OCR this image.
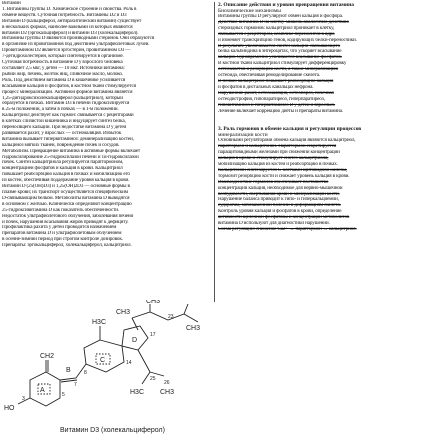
Витамин
1. Витамины группы D. Химическое строение и свойства. Роль в
обмене веществ. Суточная потребность. Витамины D2 и D3
Витамин D (кальциферол, антирахитический витамин) существует
в нескольких формах, наиболее важными из которых являются
витамин D2 (эргокальциферол) и витамин D3 (холекальциферол).
Витамины группы D являются производными стеринов. Они образуются
в организме из провитаминов под действием ультрафиолетовых лучей.
Провитамином D2 является эргостерин, провитамином D3 —
7-дегидрохолестерин, который синтезируется в организме.
Суточная потребность в витамине D у взрослого человека
составляет 2,5 мкг, у детей — 10 мкг. Источники витамина:
рыбий жир, печень, желток яиц, сливочное масло, молоко.
Роль. Под действием витамина D в кишечнике усиливается
всасывание кальция и фосфатов, в костной ткани стимулируется
процесс минерализации. Активной формой витамина является
1,25-дигидроксихолекальциферол (кальцитриол), который
образуется в почках. Витамин D3 в печени гидроксилируется
в 25-м положении, а затем в почках — в 1-м положении.
Кальцитриол действует как гормон: связывается с рецепторами
в клетках слизистой кишечника и индуцирует синтез белка,
переносящего кальций. При недостатке витамина D у детей
развивается рахит, у взрослых — остеомаляция. Избыток
витамина вызывает гипервитаминоз: деминерализацию костей,
кальциноз мягких тканей, повреждение почек и сосудов.
Метаболизм. Превращение витамина в активные формы включает
гидроксилирование 25-гидроксилазой печени и 1α-гидроксилазой
почек. Синтез кальцитриола регулируется паратгормоном,
концентрацией фосфатов и кальция в крови. Кальцитриол
повышает реабсорбцию кальция в почках и мобилизацию его
из костей, обеспечивая поддержание уровня кальция в крови.
Витамин D (25(OH)D3) и 1,25(OH)2D3 — основные формы в
плазме крови; их транспорт осуществляется специфическим
D-связывающим белком. Метаболиты витамина D выводятся
в основном с желчью. Клинически определяют концентрацию
25-гидроксивитамина D как показатель обеспеченности.
Недостаток ультрафиолетового облучения, заболевания печени
и почек, нарушения всасывания жиров приводят к дефициту.
Профилактика рахита у детей проводится назначением
препаратов витамина D и ультрафиолетовым облучением
в осенне-зимний период при строгом контроле дозировок.
Препараты: эргокальциферол, холекальциферол, кальцитриол.
2. Описание действия и уровня превращения витамина
Биохимические механизмы
Витамины группы D регулируют обмен кальция и фосфора.
Действие витамина D на клетку-мишень аналогично действию
стероидных гормонов: кальцитриол проникает в клетку,
связывается с рецептором, комплекс переносится в ядро
и изменяет транскрипцию генов, кодирующих белки-переносчики.
В результате увеличивается синтез кальций-связывающего
белка кальбиндина в энтероцитах, что ускоряет всасывание
кальция. Одновременно усиливается всасывание фосфатов.
В костной ткани кальцитриол стимулирует дифференцировку
остеокластов и резорбцию кости, а также минерализацию
остеоида, обеспечивая ремоделирование скелета.
В почках кальцитриол повышает реабсорбцию кальция
и фосфатов в дистальных канальцах нефрона.
Нарушения: рахит, остеомаляция, остеопороз, почечная
остеодистрофия, гипопаратиреоз, гиперпаратиреоз,
гиповитаминоз и гипервитаминоз D у детей и взрослых.
Лечение включает коррекцию диеты и препараты витамина.
3. Роль гормонов в обмене кальция и регуляции процессов
минерализации кости
Основными регуляторами обмена кальция являются кальцитриол,
паратгормон и кальцитонин. Паратгормон секретируется
паращитовидными железами при снижении концентрации
кальция в крови и стимулирует синтез кальцитриола,
мобилизацию кальция из костей и реабсорбцию в почках.
Кальцитонин синтезируется С-клетками щитовидной железы,
тормозит резорбцию кости и снижает уровень кальция в крови.
Взаимодействие гормонов обеспечивает постоянство
концентрации кальция, необходимое для нервно-мышечной
возбудимости, свёртывания крови и минерализации кости.
Нарушение баланса приводит к гипо- и гиперкальциемии,
судорогам, мочекаменной болезни и деформациям скелета.
Контроль уровня кальция и фосфатов в крови, определение
активности щелочной фосфатазы и концентрации метаболитов
витамина D используют для диагностики нарушений.
Схема регуляции: снижение Ca2+ → паратгормон → кальцитриол.
CH3
CH3
H3C
CH3
H3C CH3
HO
CH2
A
B
C
D
3
5
7
8
14
17
23
25
26
Витамин D3 (холекальциферол)
